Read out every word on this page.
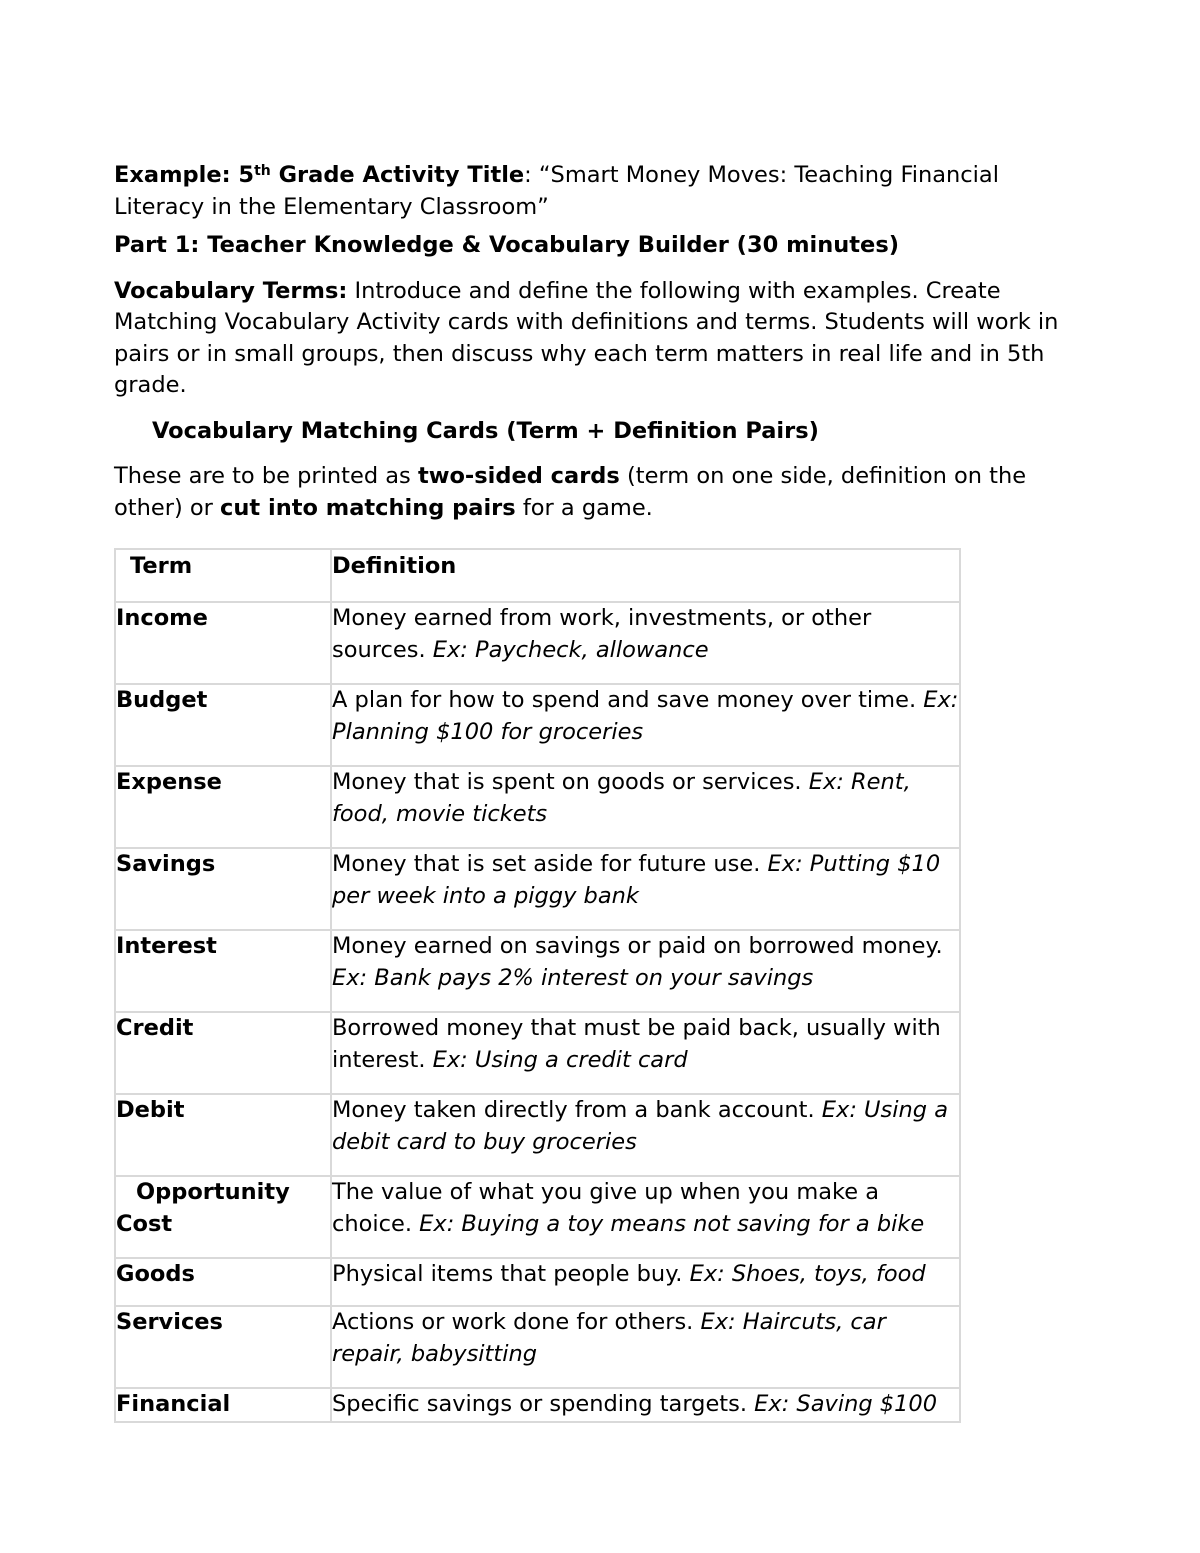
Example: 5th Grade Activity Title: “Smart Money Moves: Teaching Financial Literacy in the Elementary Classroom”

Part 1: Teacher Knowledge & Vocabulary Builder (30 minutes)

Vocabulary Terms: Introduce and define the following with examples. Create Matching Vocabulary Activity cards with definitions and terms. Students will work in pairs or in small groups, then discuss why each term matters in real life and in 5th grade.

Vocabulary Matching Cards (Term + Definition Pairs)

These are to be printed as two-sided cards (term on one side, definition on the other) or cut into matching pairs for a game.

Term	Definition
Income	Money earned from work, investments, or other sources. Ex: Paycheck, allowance
Budget	A plan for how to spend and save money over time. Ex: Planning $100 for groceries
Expense	Money that is spent on goods or services. Ex: Rent, food, movie tickets
Savings	Money that is set aside for future use. Ex: Putting $10 per week into a piggy bank
Interest	Money earned on savings or paid on borrowed money. Ex: Bank pays 2% interest on your savings
Credit	Borrowed money that must be paid back, usually with interest. Ex: Using a credit card
Debit	Money taken directly from a bank account. Ex: Using a debit card to buy groceries
Opportunity
Cost	The value of what you give up when you make a choice. Ex: Buying a toy means not saving for a bike
Goods	Physical items that people buy. Ex: Shoes, toys, food
Services	Actions or work done for others. Ex: Haircuts, car repair, babysitting
Financial	Specific savings or spending targets. Ex: Saving $100
